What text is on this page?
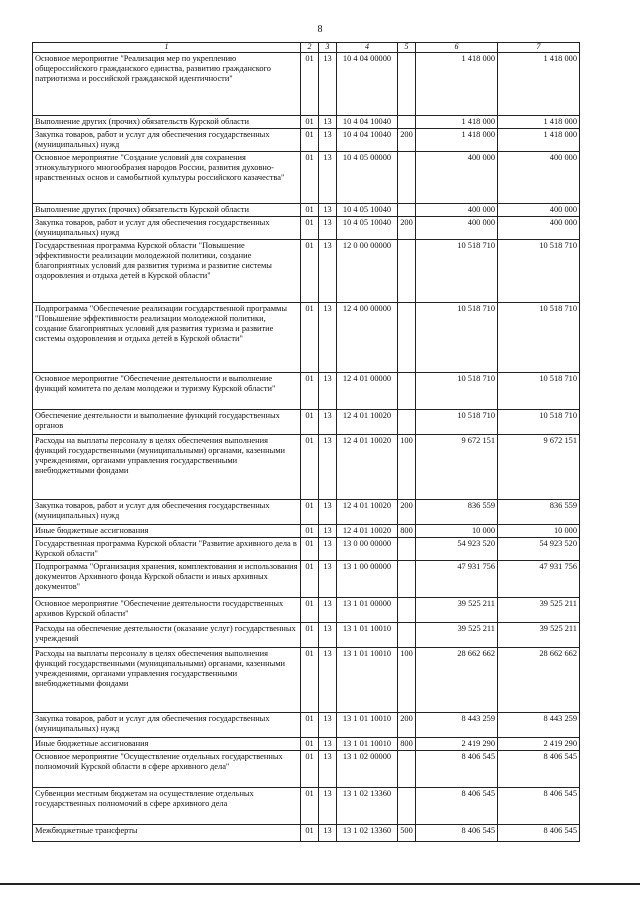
8
1	2	3	4	5	6	7
Основное мероприятие "Реализация мер по укреплению общероссийского гражданского единства, развитию гражданского патриотизма и российской гражданской идентичности"	01	13	10 4 04 00000		1 418 000	1 418 000
Выполнение других (прочих) обязательств Курской области	01	13	10 4 04 10040		1 418 000	1 418 000
Закупка товаров, работ и услуг для обеспечения государственных (муниципальных) нужд	01	13	10 4 04 10040	200	1 418 000	1 418 000
Основное мероприятие "Создание условий для сохранения этнокультурного многообразия народов России, развития духовно-нравственных основ и самобытной культуры российского казачества"	01	13	10 4 05 00000		400 000	400 000
Выполнение других (прочих) обязательств Курской области	01	13	10 4 05 10040		400 000	400 000
Закупка товаров, работ и услуг для обеспечения государственных (муниципальных) нужд	01	13	10 4 05 10040	200	400 000	400 000
Государственная программа Курской области "Повышение эффективности реализации молодежной политики, создание благоприятных условий для развития туризма и развитие системы оздоровления и отдыха детей в Курской области"	01	13	12 0 00 00000		10 518 710	10 518 710
Подпрограмма "Обеспечение реализации государственной программы "Повышение эффективности реализации молодежной политики, создание благоприятных условий для развития туризма и развитие системы оздоровления и отдыха детей в Курской области"	01	13	12 4 00 00000		10 518 710	10 518 710
Основное мероприятие "Обеспечение деятельности и выполнение функций комитета по делам молодежи и туризму Курской области"	01	13	12 4 01 00000		10 518 710	10 518 710
Обеспечение деятельности и выполнение функций государственных органов	01	13	12 4 01 10020		10 518 710	10 518 710
Расходы на выплаты персоналу в целях обеспечения выполнения функций государственными (муниципальными) органами, казенными учреждениями, органами управления государственными внебюджетными фондами	01	13	12 4 01 10020	100	9 672 151	9 672 151
Закупка товаров, работ и услуг для обеспечения государственных (муниципальных) нужд	01	13	12 4 01 10020	200	836 559	836 559
Иные бюджетные ассигнования	01	13	12 4 01 10020	800	10 000	10 000
Государственная программа Курской области "Развитие архивного дела в Курской области"	01	13	13 0 00 00000		54 923 520	54 923 520
Подпрограмма "Организация хранения, комплектования и использования документов Архивного фонда Курской области и иных архивных документов"	01	13	13 1 00 00000		47 931 756	47 931 756
Основное мероприятие "Обеспечение деятельности государственных архивов Курской области"	01	13	13 1 01 00000		39 525 211	39 525 211
Расходы на обеспечение деятельности (оказание услуг) государственных учреждений	01	13	13 1 01 10010		39 525 211	39 525 211
Расходы на выплаты персоналу в целях обеспечения выполнения функций государственными (муниципальными) органами, казенными учреждениями, органами управления государственными внебюджетными фондами	01	13	13 1 01 10010	100	28 662 662	28 662 662
Закупка товаров, работ и услуг для обеспечения государственных (муниципальных) нужд	01	13	13 1 01 10010	200	8 443 259	8 443 259
Иные бюджетные ассигнования	01	13	13 1 01 10010	800	2 419 290	2 419 290
Основное мероприятие "Осуществление отдельных государственных полномочий Курской области в сфере архивного дела"	01	13	13 1 02 00000		8 406 545	8 406 545
Субвенции местным бюджетам на осуществление отдельных государственных полномочий в сфере архивного дела	01	13	13 1 02 13360		8 406 545	8 406 545
Межбюджетные трансферты	01	13	13 1 02 13360	500	8 406 545	8 406 545
